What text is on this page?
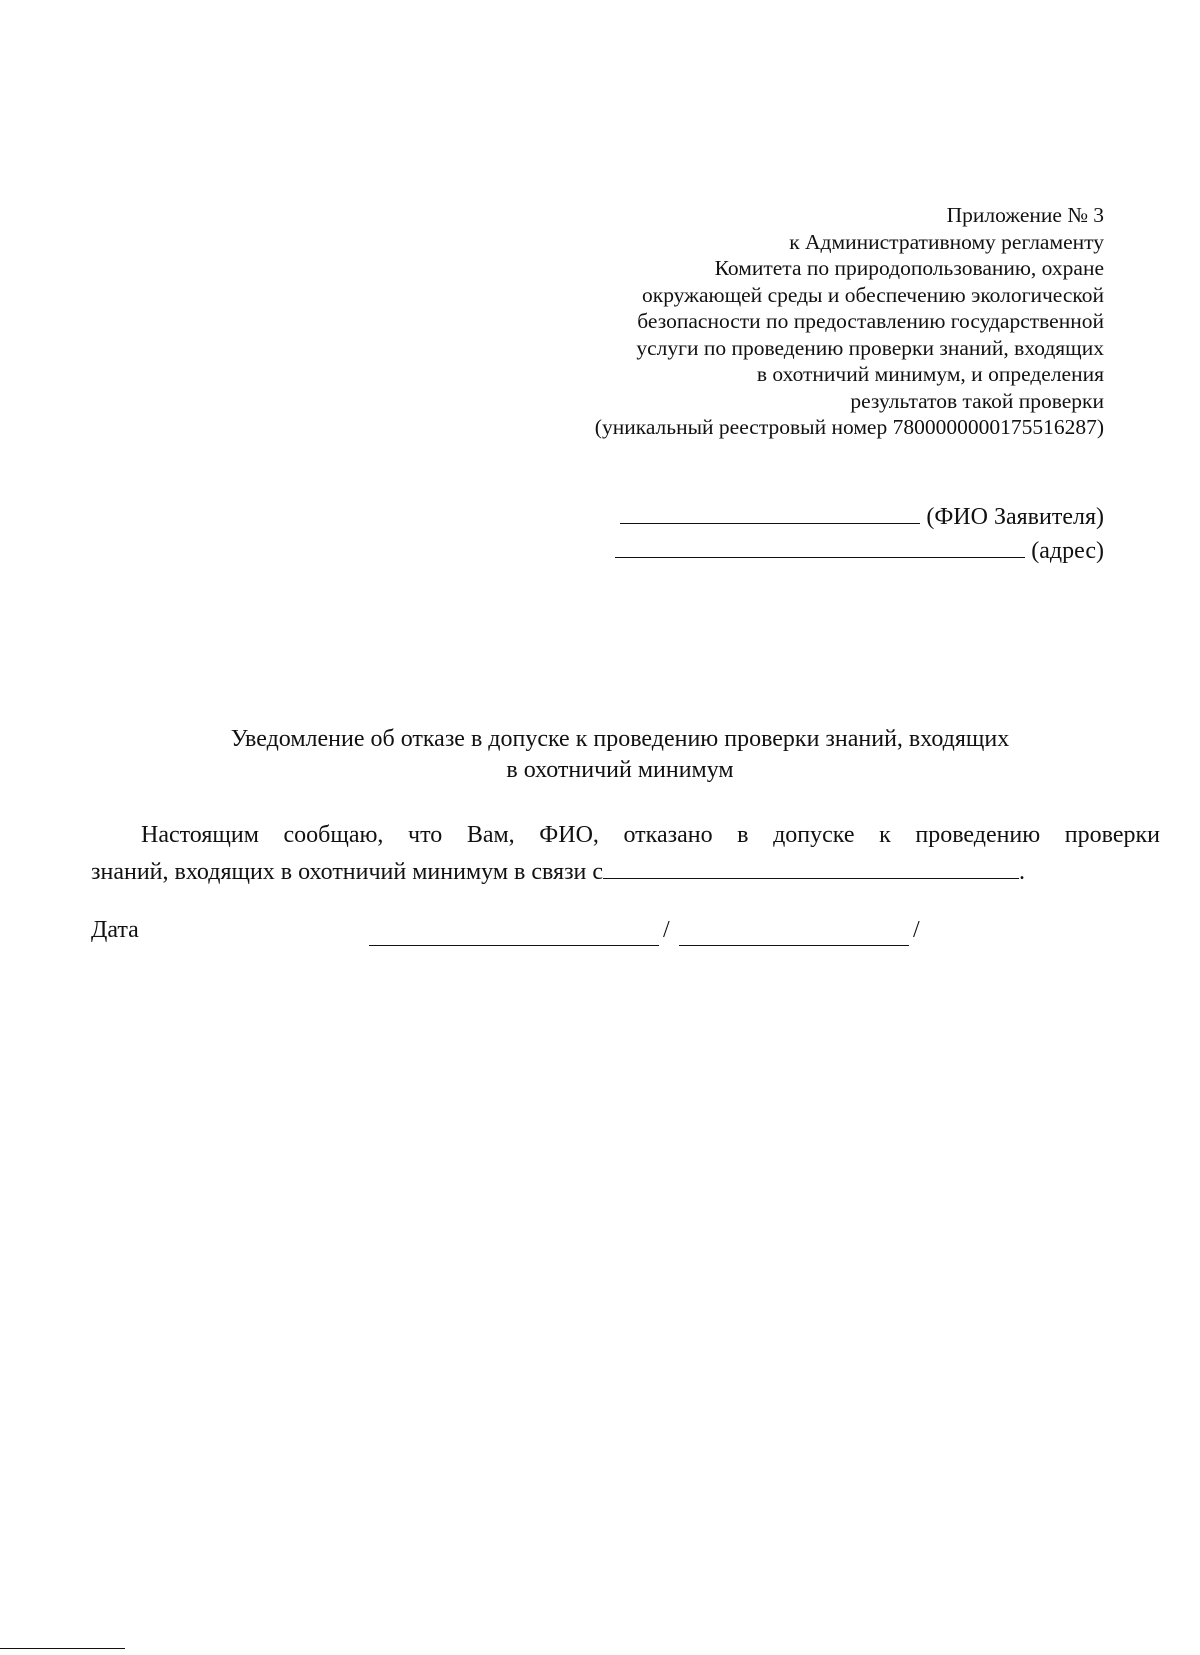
Приложение № 3
к Административному регламенту
Комитета по природопользованию, охране
окружающей среды и обеспечению экологической
безопасности по предоставлению государственной
услуги по проведению проверки знаний, входящих
в охотничий минимум, и определения
результатов такой проверки
(уникальный реестровый номер 7800000000175516287)
(ФИО Заявителя)
(адрес)
Уведомление об отказе в допуске к проведению проверки знаний, входящих
в охотничий минимум
Настоящим сообщаю, что Вам, ФИО, отказано в допуске к проведению проверки
знаний, входящих в охотничий минимум в связи с	.
Дата	/	/
